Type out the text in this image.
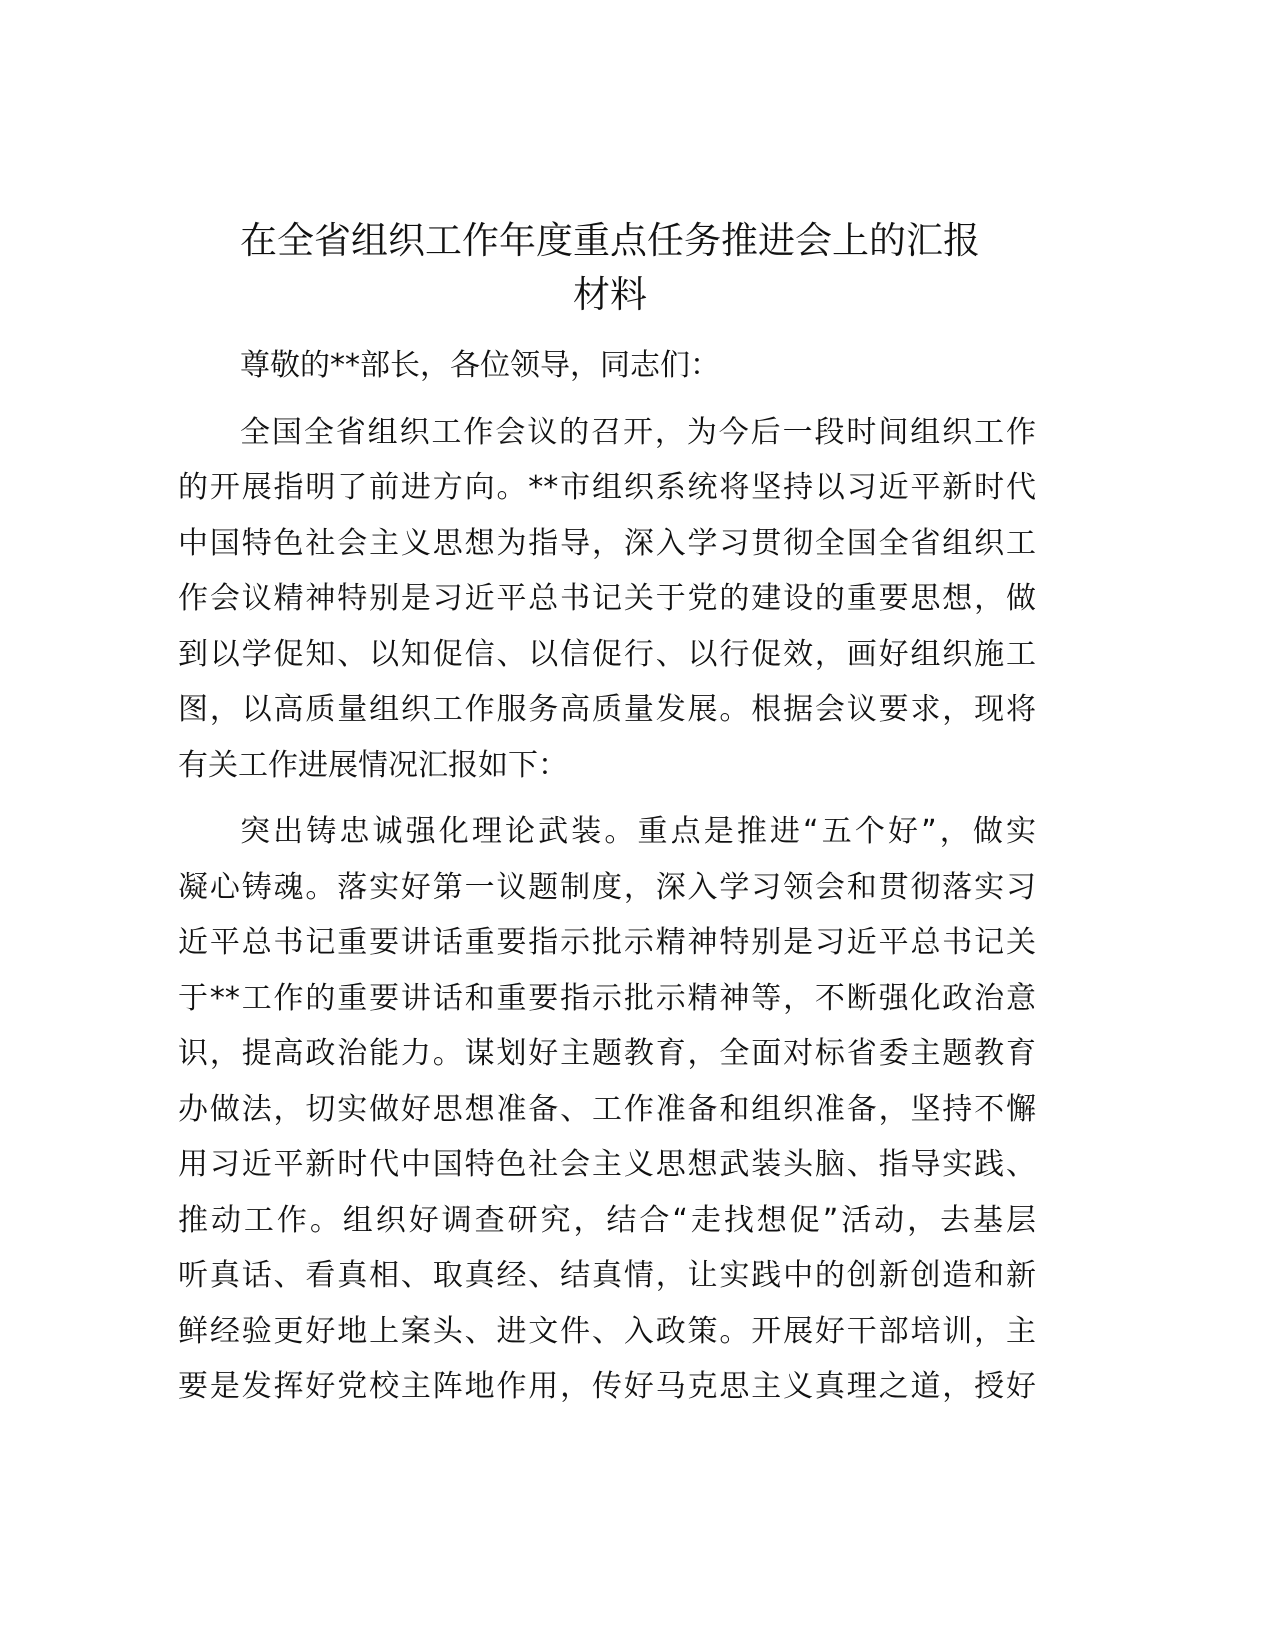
在全省组织工作年度重点任务推进会上的汇报
材料
尊敬的**部长，各位领导，同志们：
全国全省组织工作会议的召开，为今后一段时间组织工作
的开展指明了前进方向。**市组织系统将坚持以习近平新时代
中国特色社会主义思想为指导，深入学习贯彻全国全省组织工
作会议精神特别是习近平总书记关于党的建设的重要思想，做
到以学促知、以知促信、以信促行、以行促效，画好组织施工
图，以高质量组织工作服务高质量发展。根据会议要求，现将
有关工作进展情况汇报如下：
突出铸忠诚强化理论武装。重点是推进“五个好”，做实
凝心铸魂。落实好第一议题制度，深入学习领会和贯彻落实习
近平总书记重要讲话重要指示批示精神特别是习近平总书记关
于**工作的重要讲话和重要指示批示精神等，不断强化政治意
识，提高政治能力。谋划好主题教育，全面对标省委主题教育
办做法，切实做好思想准备、工作准备和组织准备，坚持不懈
用习近平新时代中国特色社会主义思想武装头脑、指导实践、
推动工作。组织好调查研究，结合“走找想促”活动，去基层
听真话、看真相、取真经、结真情，让实践中的创新创造和新
鲜经验更好地上案头、进文件、入政策。开展好干部培训，主
要是发挥好党校主阵地作用，传好马克思主义真理之道，授好
